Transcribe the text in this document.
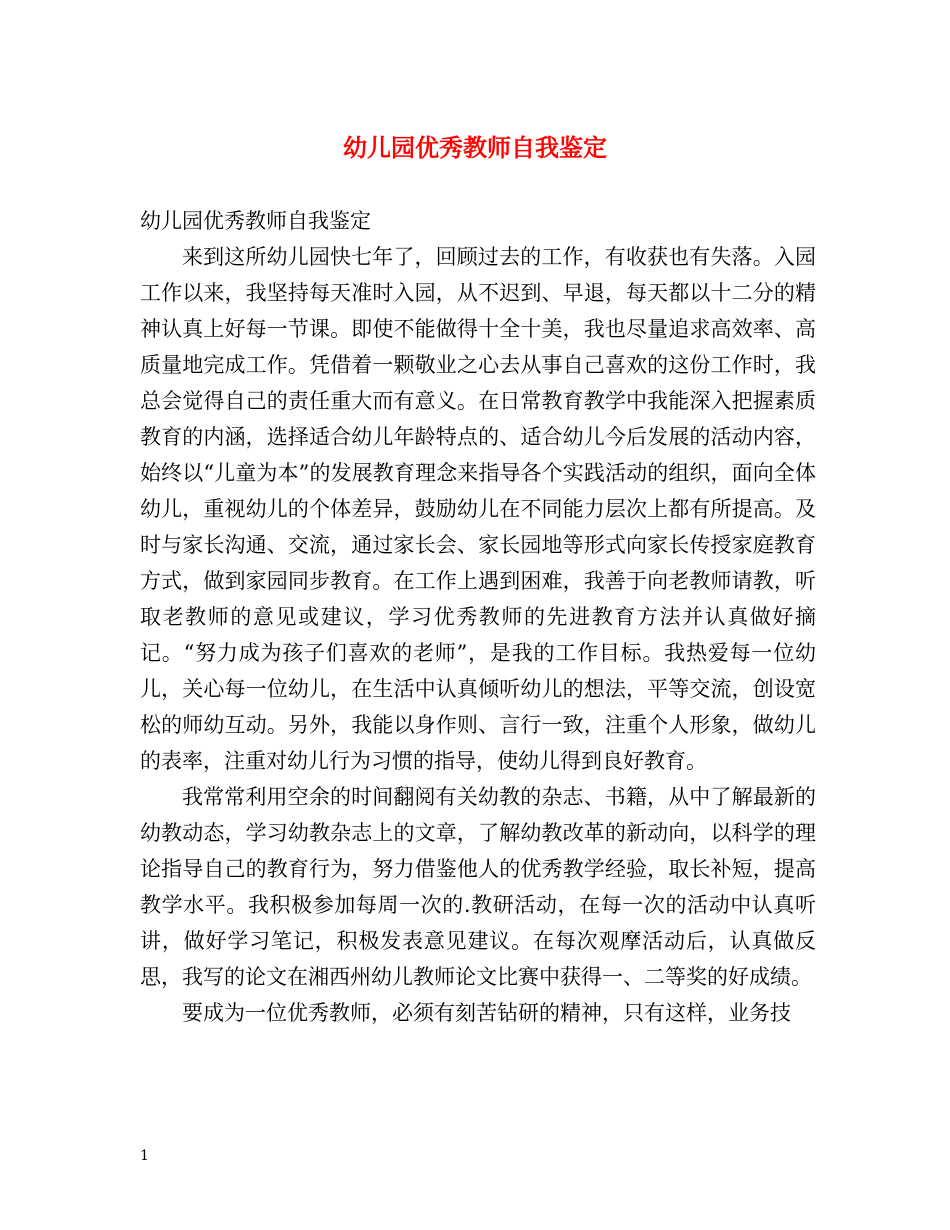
幼儿园优秀教师自我鉴定

幼儿园优秀教师自我鉴定

来到这所幼儿园快七年了，回顾过去的工作，有收获也有失落。入园工作以来，我坚持每天准时入园，从不迟到、早退，每天都以十二分的精神认真上好每一节课。即使不能做得十全十美，我也尽量追求高效率、高质量地完成工作。凭借着一颗敬业之心去从事自己喜欢的这份工作时，我总会觉得自己的责任重大而有意义。在日常教育教学中我能深入把握素质教育的内涵，选择适合幼儿年龄特点的、适合幼儿今后发展的活动内容，始终以“儿童为本”的发展教育理念来指导各个实践活动的组织，面向全体幼儿，重视幼儿的个体差异，鼓励幼儿在不同能力层次上都有所提高。及时与家长沟通、交流，通过家长会、家长园地等形式向家长传授家庭教育方式，做到家园同步教育。在工作上遇到困难，我善于向老教师请教，听取老教师的意见或建议，学习优秀教师的先进教育方法并认真做好摘记。“努力成为孩子们喜欢的老师”，是我的工作目标。我热爱每一位幼儿，关心每一位幼儿，在生活中认真倾听幼儿的想法，平等交流，创设宽松的师幼互动。另外，我能以身作则、言行一致，注重个人形象，做幼儿的表率，注重对幼儿行为习惯的指导，使幼儿得到良好教育。

我常常利用空余的时间翻阅有关幼教的杂志、书籍，从中了解最新的幼教动态，学习幼教杂志上的文章，了解幼教改革的新动向，以科学的理论指导自己的教育行为，努力借鉴他人的优秀教学经验，取长补短，提高教学水平。我积极参加每周一次的.教研活动，在每一次的活动中认真听讲，做好学习笔记，积极发表意见建议。在每次观摩活动后，认真做反思，我写的论文在湘西州幼儿教师论文比赛中获得一、二等奖的好成绩。

要成为一位优秀教师，必须有刻苦钻研的精神，只有这样，业务技

1
